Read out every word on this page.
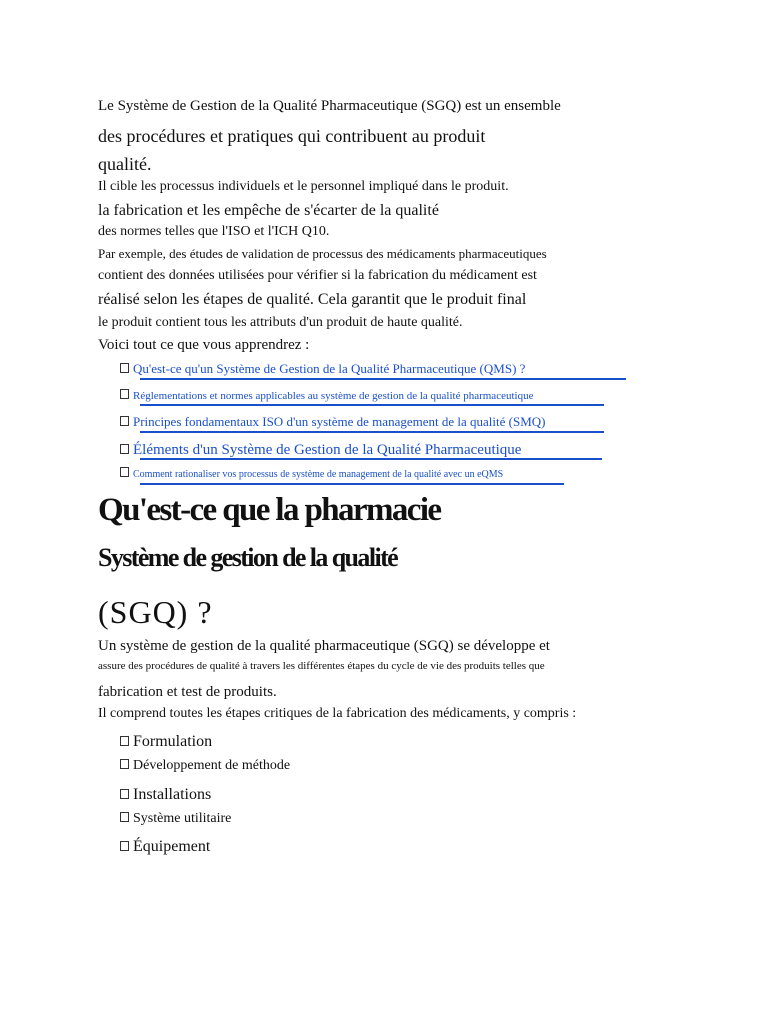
Le Système de Gestion de la Qualité Pharmaceutique (SGQ) est un ensemble
des procédures et pratiques qui contribuent au produit
qualité.
Il cible les processus individuels et le personnel impliqué dans le produit.
la fabrication et les empêche de s'écarter de la qualité
des normes telles que l'ISO et l'ICH Q10.
Par exemple, des études de validation de processus des médicaments pharmaceutiques
contient des données utilisées pour vérifier si la fabrication du médicament est
réalisé selon les étapes de qualité. Cela garantit que le produit final
le produit contient tous les attributs d'un produit de haute qualité.
Voici tout ce que vous apprendrez :
Qu'est-ce qu'un Système de Gestion de la Qualité Pharmaceutique (QMS) ?
Réglementations et normes applicables au système de gestion de la qualité pharmaceutique
Principes fondamentaux ISO d'un système de management de la qualité (SMQ)
Éléments d'un Système de Gestion de la Qualité Pharmaceutique
Comment rationaliser vos processus de système de management de la qualité avec un eQMS
Qu'est-ce que la pharmacie
Système de gestion de la qualité
(SGQ) ?
Un système de gestion de la qualité pharmaceutique (SGQ) se développe et
assure des procédures de qualité à travers les différentes étapes du cycle de vie des produits telles que
fabrication et test de produits.
Il comprend toutes les étapes critiques de la fabrication des médicaments, y compris :
Formulation
Développement de méthode
Installations
Système utilitaire
Équipement
